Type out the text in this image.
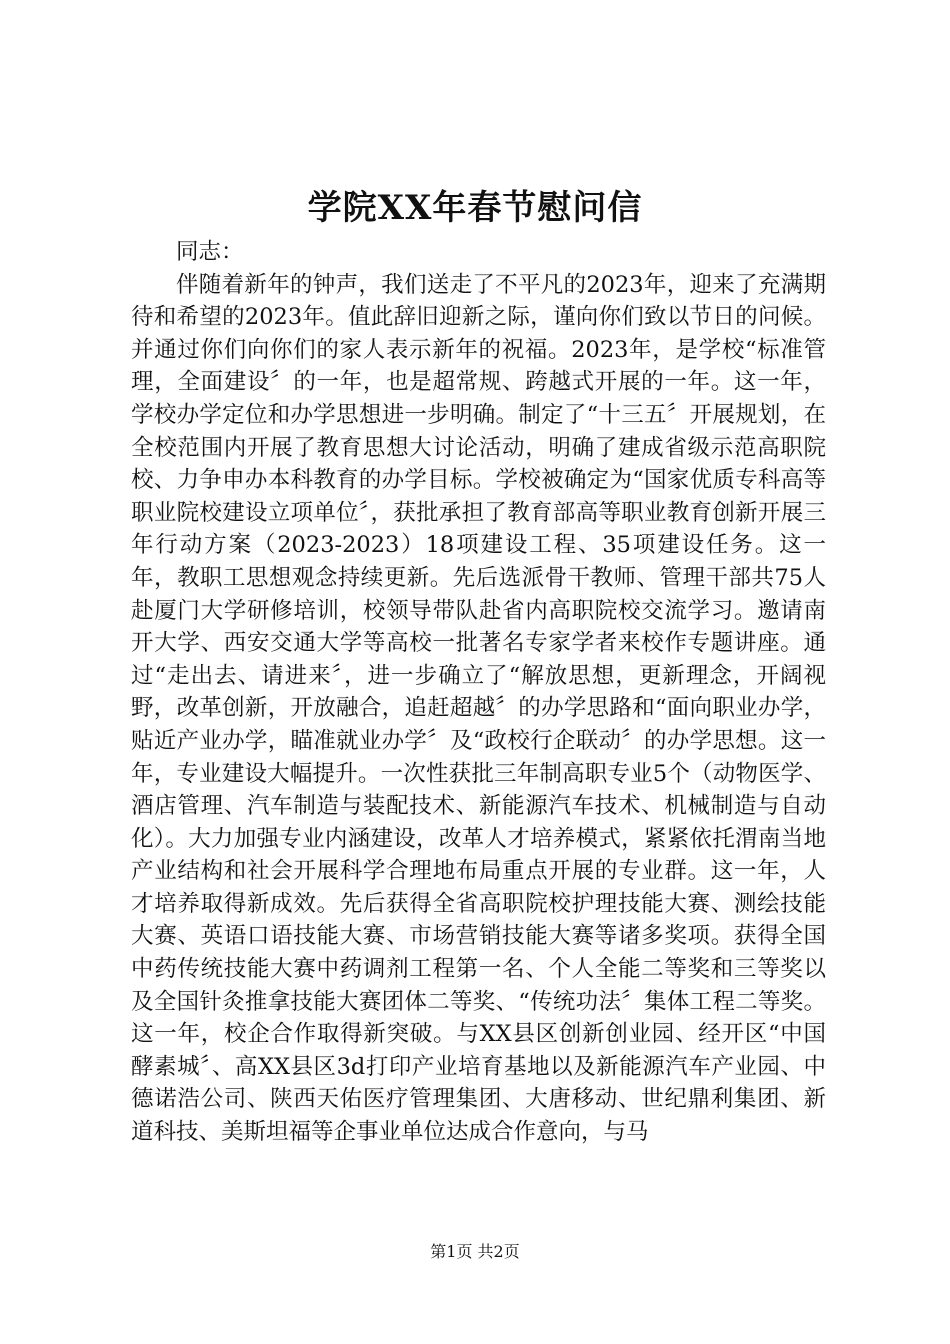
学院XX年春节慰问信

同志：

伴随着新年的钟声，我们送走了不平凡的2023年，迎来了充满期待和希望的2023年。值此辞旧迎新之际，谨向你们致以节日的问候。并通过你们向你们的家人表示新年的祝福。2023年，是学校“标准管理，全面建设〞的一年，也是超常规、跨越式开展的一年。这一年，学校办学定位和办学思想进一步明确。制定了“十三五〞开展规划，在全校范围内开展了教育思想大讨论活动，明确了建成省级示范高职院校、力争申办本科教育的办学目标。学校被确定为“国家优质专科高等职业院校建设立项单位〞，获批承担了教育部高等职业教育创新开展三年行动方案（2023-2023）18项建设工程、35项建设任务。这一年，教职工思想观念持续更新。先后选派骨干教师、管理干部共75人赴厦门大学研修培训，校领导带队赴省内高职院校交流学习。邀请南开大学、西安交通大学等高校一批著名专家学者来校作专题讲座。通过“走出去、请进来〞，进一步确立了“解放思想，更新理念，开阔视野，改革创新，开放融合，追赶超越〞的办学思路和“面向职业办学，贴近产业办学，瞄准就业办学〞及“政校行企联动〞的办学思想。这一年，专业建设大幅提升。一次性获批三年制高职专业5个（动物医学、酒店管理、汽车制造与装配技术、新能源汽车技术、机械制造与自动化）。大力加强专业内涵建设，改革人才培养模式，紧紧依托渭南当地产业结构和社会开展科学合理地布局重点开展的专业群。这一年，人才培养取得新成效。先后获得全省高职院校护理技能大赛、测绘技能大赛、英语口语技能大赛、市场营销技能大赛等诸多奖项。获得全国中药传统技能大赛中药调剂工程第一名、个人全能二等奖和三等奖以及全国针灸推拿技能大赛团体二等奖、“传统功法〞集体工程二等奖。这一年，校企合作取得新突破。与XX县区创新创业园、经开区“中国酵素城〞、高XX县区3d打印产业培育基地以及新能源汽车产业园、中德诺浩公司、陕西天佑医疗管理集团、大唐移动、世纪鼎利集团、新道科技、美斯坦福等企事业单位达成合作意向，与马

第1页 共2页
